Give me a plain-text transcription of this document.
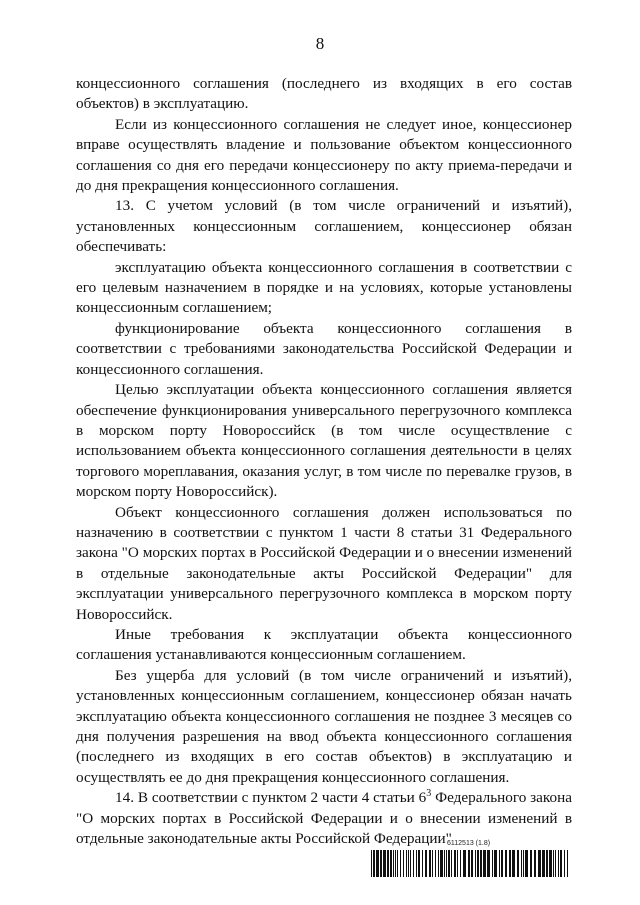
8

концессионного соглашения (последнего из входящих в его состав объектов) в эксплуатацию.

Если из концессионного соглашения не следует иное, концессионер вправе осуществлять владение и пользование объектом концессионного соглашения со дня его передачи концессионеру по акту приема-передачи и до дня прекращения концессионного соглашения.

13. С учетом условий (в том числе ограничений и изъятий), установленных концессионным соглашением, концессионер обязан обеспечивать:

эксплуатацию объекта концессионного соглашения в соответствии с его целевым назначением в порядке и на условиях, которые установлены концессионным соглашением;

функционирование объекта концессионного соглашения в соответствии с требованиями законодательства Российской Федерации и концессионного соглашения.

Целью эксплуатации объекта концессионного соглашения является обеспечение функционирования универсального перегрузочного комплекса в морском порту Новороссийск (в том числе осуществление с использованием объекта концессионного соглашения деятельности в целях торгового мореплавания, оказания услуг, в том числе по перевалке грузов, в морском порту Новороссийск).

Объект концессионного соглашения должен использоваться по назначению в соответствии с пунктом 1 части 8 статьи 31 Федерального закона "О морских портах в Российской Федерации и о внесении изменений в отдельные законодательные акты Российской Федерации" для эксплуатации универсального перегрузочного комплекса в морском порту Новороссийск.

Иные требования к эксплуатации объекта концессионного соглашения устанавливаются концессионным соглашением.

Без ущерба для условий (в том числе ограничений и изъятий), установленных концессионным соглашением, концессионер обязан начать эксплуатацию объекта концессионного соглашения не позднее 3 месяцев со дня получения разрешения на ввод объекта концессионного соглашения (последнего из входящих в его состав объектов) в эксплуатацию и осуществлять ее до дня прекращения концессионного соглашения.

14. В соответствии с пунктом 2 части 4 статьи $6^3$ Федерального закона "О морских портах в Российской Федерации и о внесении изменений в отдельные законодательные акты Российской Федерации"

6112513 (1.8)
